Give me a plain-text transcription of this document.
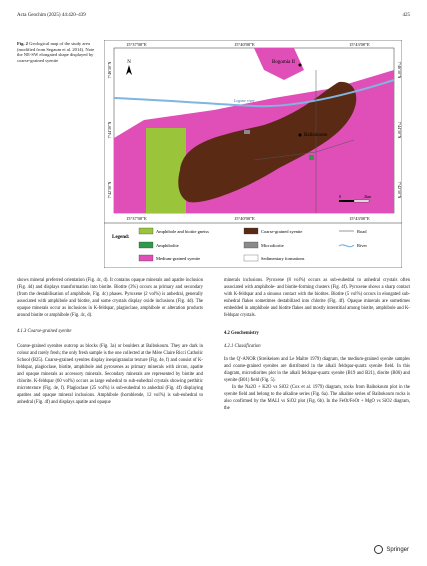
Acta Geochim (2025) 44:420–439	425
Fig. 2 Geological map of the study area (modified from Segaum et al. 2014). Note the NE-SW elongated shape displayed by coarse-grained syenite
Logone river
Bogomia II
Baibokoum
N
0	2km
15°37'00"E	15°40'00"E	15°43'00"E
15°37'00"E	15°40'00"E	15°43'00"E
7°46'30"N
7°44'30"N
7°42'30"N
7°46'30"N
7°44'30"N
7°42'30"N
Legend:
Amphibole and biotite gneiss
Amphibolite
Medium-grained syenite
Coarse-grained syenite
Microdiorite
Sedimentary formations
Road
River

shows mineral preferred orientation (Fig. 4c, d). It contains opaque minerals and apatite inclusion (Fig. 4d) and displays transformation into biotite. Biotite (3%) occurs as primary and secondary (from the destabilisation of amphibole, Fig. 4c) phases. Pyroxene (2 vol%) is anhedral, generally associated with amphibole and biotite, and some crystals display oxide inclusions (Fig. 4d). The opaque minerals occur as inclusions in K-feldspar, plagioclase, amphibole or alteration products around biotite or amphibole (Fig. 4c, d).

4.1.3 Coarse-grained syenite

Coarse-grained syenites outcrop as blocks (Fig. 3a) or boulders at Baibokoum. They are dark in colour and rarely fresh; the only fresh sample is the one collected at the Mère Claire Ricci Catholic School (B25). Coarse-grained syenites display inequigranular texture (Fig. 4e, f) and consist of K-feldspar, plagioclase, biotite, amphibole and pyroxenes as primary minerals with zircon, apatite and opaque minerals as accessory minerals. Secondary minerals are represented by biotite and chlorite. K-feldspar (60 vol%) occurs as large euhedral to sub-euhedral crystals showing perthitic microtexture (Fig. 4e, f). Plagioclase (25 vol%) is sub-euhedral to anhedral (Fig. 4f) displaying apatites and opaque mineral inclusions. Amphibole (hornblende, 12 vol%) is sub-euhedral to anhedral (Fig. 4f) and displays apatite and opaque

minerals inclusions. Pyroxene (8 vol%) occurs as sub-euhedral to anhedral crystals often associated with amphibole- and biotite-forming clusters (Fig. 4f). Pyroxene shows a sharp contact with K-feldspar and a sinuous contact with the biotites. Biotite (5 vol%) occurs in elongated sub-euhedral flakes sometimes destabilized into chlorite (Fig. 4f). Opaque minerals are sometimes embedded in amphibole and biotite flakes and mostly interstitial among biotite, amphibole and K-feldspar crystals.

4.2 Geochemistry

4.2.1 Classification

In the Q'-ANOR (Streikeisen and Le Maître 1979) diagram, the medium-grained syenite samples and coarse-grained syenites are distributed in the alkali feldspar-quartz syenite field. In this diagram, microdiorites plot in the alkali feldspar-quartz syenite (B19 and B21), diorite (B06) and syenite (B01) field (Fig. 5).

In the Na2O + K2O vs SiO2 (Cox et al. 1979) diagram, rocks from Baibokoum plot in the syenite field and belong to the alkaline series (Fig. 6a). The alkaline series of Baibokoum rocks is also confirmed by the MALI vs SiO2 plot (Fig. 6b). In the FeOt/FeOt + MgO vs SiO2 diagram, the

Springer
